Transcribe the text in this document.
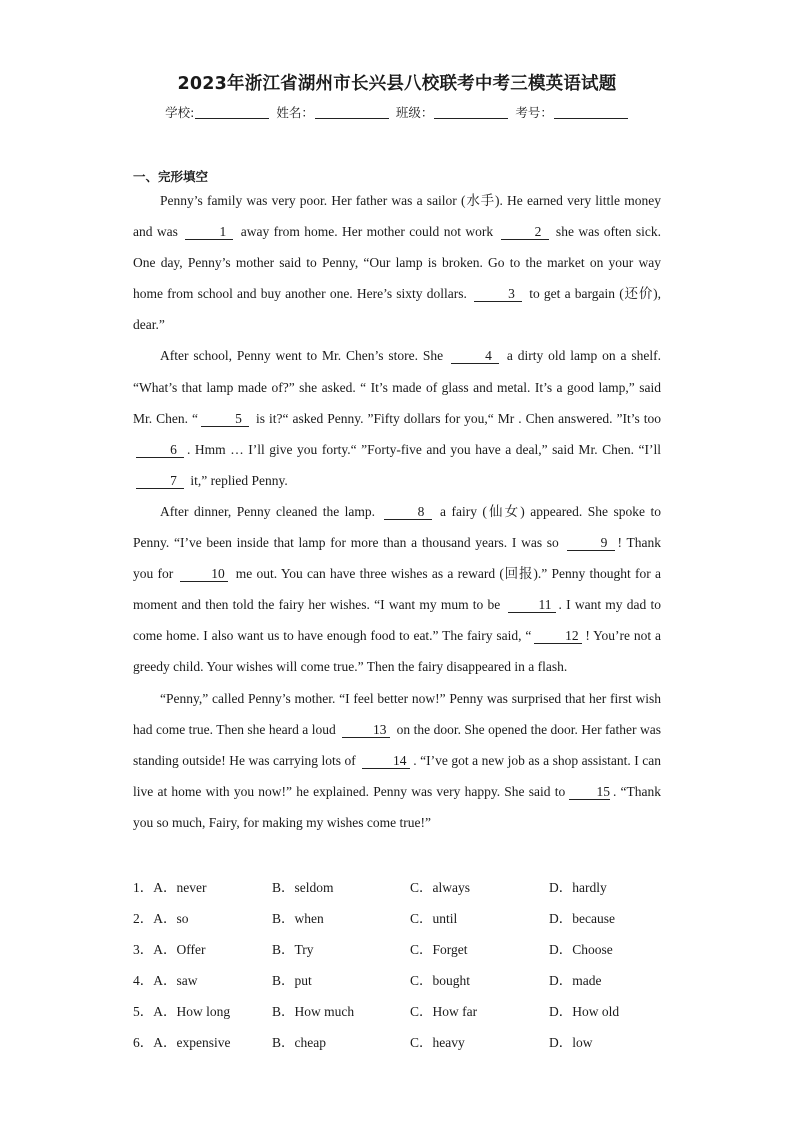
2023年浙江省湖州市长兴县八校联考中考三模英语试题
学校:	姓名：	班级：	考号：
一、完形填空

Penny’s family was very poor. Her father was a sailor (水手). He earned very little money and was	1 away from home. Her mother could not work	2 she was often sick. One day, Penny’s mother said to Penny, “Our lamp is broken. Go to the market on your way home from school and buy another one. Here’s sixty dollars.	3 to get a bargain (还价), dear.”

After school, Penny went to Mr. Chen’s store. She	4 a dirty old lamp on a shelf. “What’s that lamp made of?” she asked. “ It’s made of glass and metal. It’s a good lamp,” said Mr. Chen. “	5 is it?“ asked Penny. ”Fifty dollars for you,“ Mr . Chen answered. ”It’s too 6 . Hmm … I’ll give you forty.“ ”Forty-five and you have a deal,” said Mr. Chen. “I’ll 7 it,” replied Penny.

After dinner, Penny cleaned the lamp.	8 a fairy (仙女) appeared. She spoke to Penny. “I’ve been inside that lamp for more than a thousand years. I was so	9 ! Thank you for	10 me out. You can have three wishes as a reward (回报).” Penny thought for a moment and then told the fairy her wishes. “I want my mum to be	11 . I want my dad to come home. I also want us to have enough food to eat.” The fairy said, “	12 ! You’re not a greedy child. Your wishes will come true.” Then the fairy disappeared in a flash.

“Penny,” called Penny’s mother. “I feel better now!” Penny was surprised that her first wish had come true. Then she heard a loud	13 on the door. She opened the door. Her father was standing outside! He was carrying lots of	14 . “I’ve got a new job as a shop assistant. I can live at home with you now!” he explained. Penny was very happy. She said to 15 . “Thank you so much, Fairy, for making my wishes come true!”

1．A．never	B．seldom	C．always	D．hardly
2．A．so	B．when	C．until	D．because
3．A．Offer	B．Try	C．Forget	D．Choose
4．A．saw	B．put	C．bought	D．made
5．A．How long	B．How much	C．How far	D．How old
6．A．expensive	B．cheap	C．heavy	D．low
